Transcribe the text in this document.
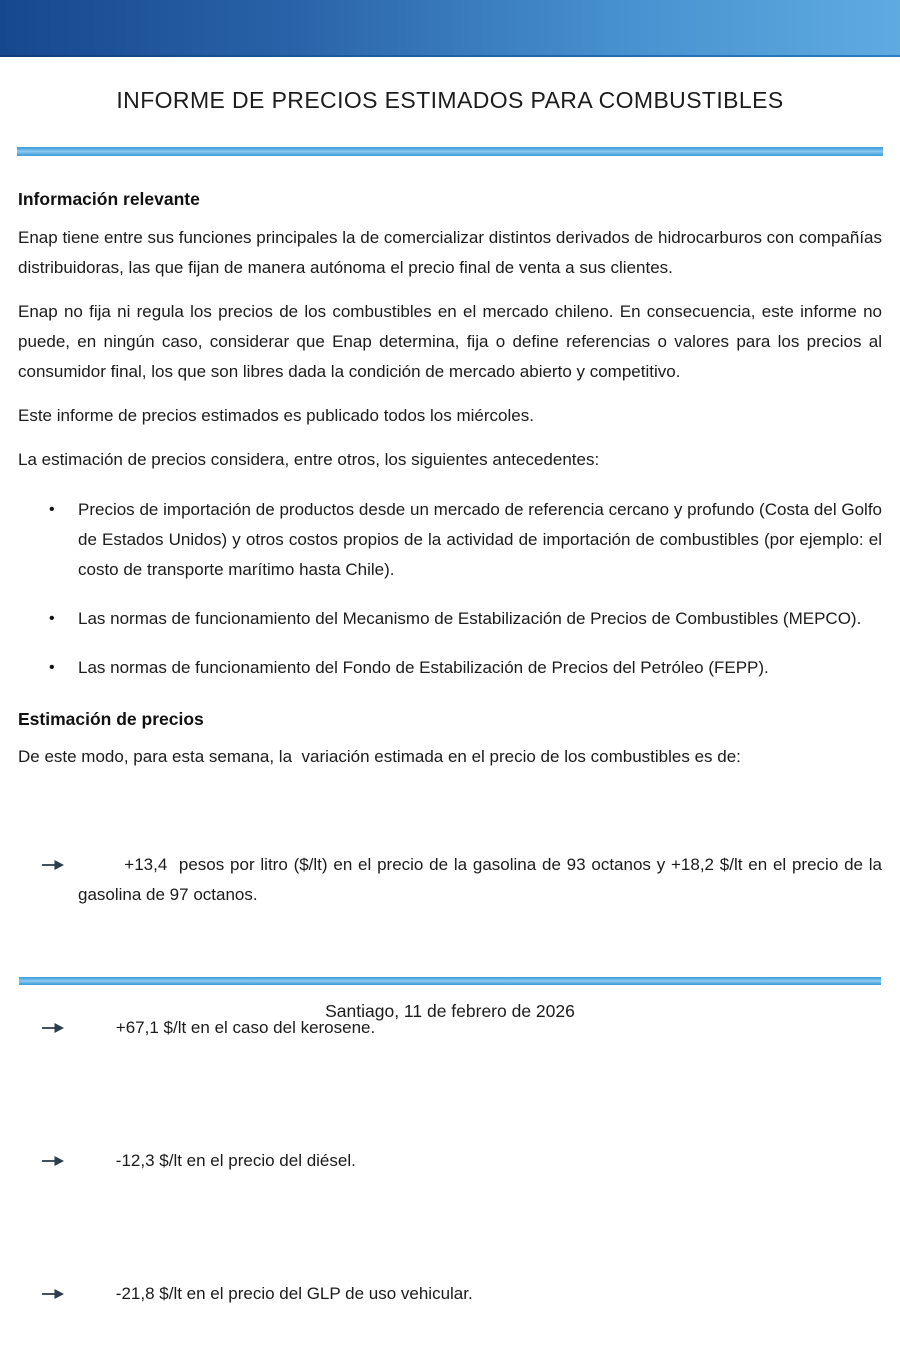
INFORME DE PRECIOS ESTIMADOS PARA COMBUSTIBLES
Información relevante

Enap tiene entre sus funciones principales la de comercializar distintos derivados de hidrocarburos con compañías distribuidoras, las que fijan de manera autónoma el precio final de venta a sus clientes.

Enap no fija ni regula los precios de los combustibles en el mercado chileno. En consecuencia, este informe no puede, en ningún caso, considerar que Enap determina, fija o define referencias o valores para los precios al consumidor final, los que son libres dada la condición de mercado abierto y competitivo.

Este informe de precios estimados es publicado todos los miércoles.

La estimación de precios considera, entre otros, los siguientes antecedentes:

• Precios de importación de productos desde un mercado de referencia cercano y profundo (Costa del Golfo de Estados Unidos) y otros costos propios de la actividad de importación de combustibles (por ejemplo: el costo de transporte marítimo hasta Chile).
• Las normas de funcionamiento del Mecanismo de Estabilización de Precios de Combustibles (MEPCO).
• Las normas de funcionamiento del Fondo de Estabilización de Precios del Petróleo (FEPP).
Estimación de precios

De este modo, para esta semana, la  variación estimada en el precio de los combustibles es de:

+13,4  pesos por litro ($/lt) en el precio de la gasolina de 93 octanos y +18,2 $/lt en el precio de la gasolina de 97 octanos.

+67,1 $/lt en el caso del kerosene.

-12,3 $/lt en el precio del diésel.

-21,8 $/lt en el precio del GLP de uso vehicular.

Santiago, 11 de febrero de 2026
